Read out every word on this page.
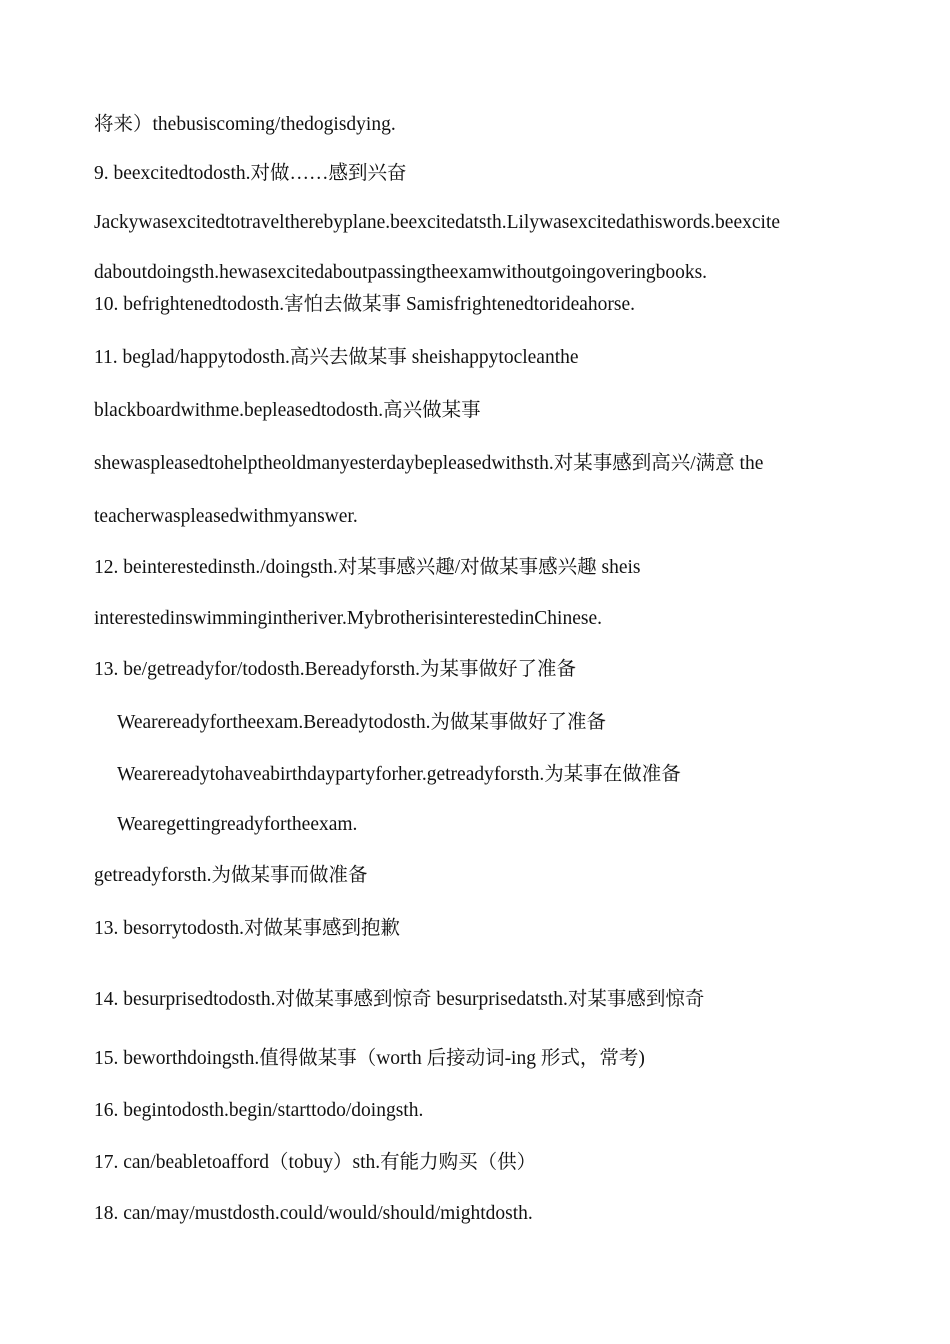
将来）thebusiscoming/thedogisdying.
9. beexcitedtodosth.对做……感到兴奋
Jackywasexcitedtotraveltherebyplane.beexcitedatsth.Lilywasexcitedathiswords.beexcite
daboutdoingsth.hewasexcitedaboutpassingtheexamwithoutgoingoveringbooks.
10. befrightenedtodosth.害怕去做某事 Samisfrightenedtorideahorse.
11. beglad/happytodosth.高兴去做某事 sheishappytocleanthe
blackboardwithme.bepleasedtodosth.高兴做某事
shewaspleasedtohelptheoldmanyesterdaybepleasedwithsth.对某事感到高兴/满意 the
teacherwaspleasedwithmyanswer.
12. beinterestedinsth./doingsth.对某事感兴趣/对做某事感兴趣 sheis
interestedinswimmingintheriver.MybrotherisinterestedinChinese.
13. be/getreadyfor/todosth.Bereadyforsth.为某事做好了准备
Wearereadyfortheexam.Bereadytodosth.为做某事做好了准备
Wearereadytohaveabirthdaypartyforher.getreadyforsth.为某事在做准备
Wearegettingreadyfortheexam.
getreadyforsth.为做某事而做准备
13. besorrytodosth.对做某事感到抱歉
14. besurprisedtodosth.对做某事感到惊奇 besurprisedatsth.对某事感到惊奇
15. beworthdoingsth.值得做某事（worth 后接动词-ing 形式，常考)
16. begintodosth.begin/starttodo/doingsth.
17. can/beabletoafford（tobuy）sth.有能力购买（供）
18. can/may/mustdosth.could/would/should/mightdosth.
